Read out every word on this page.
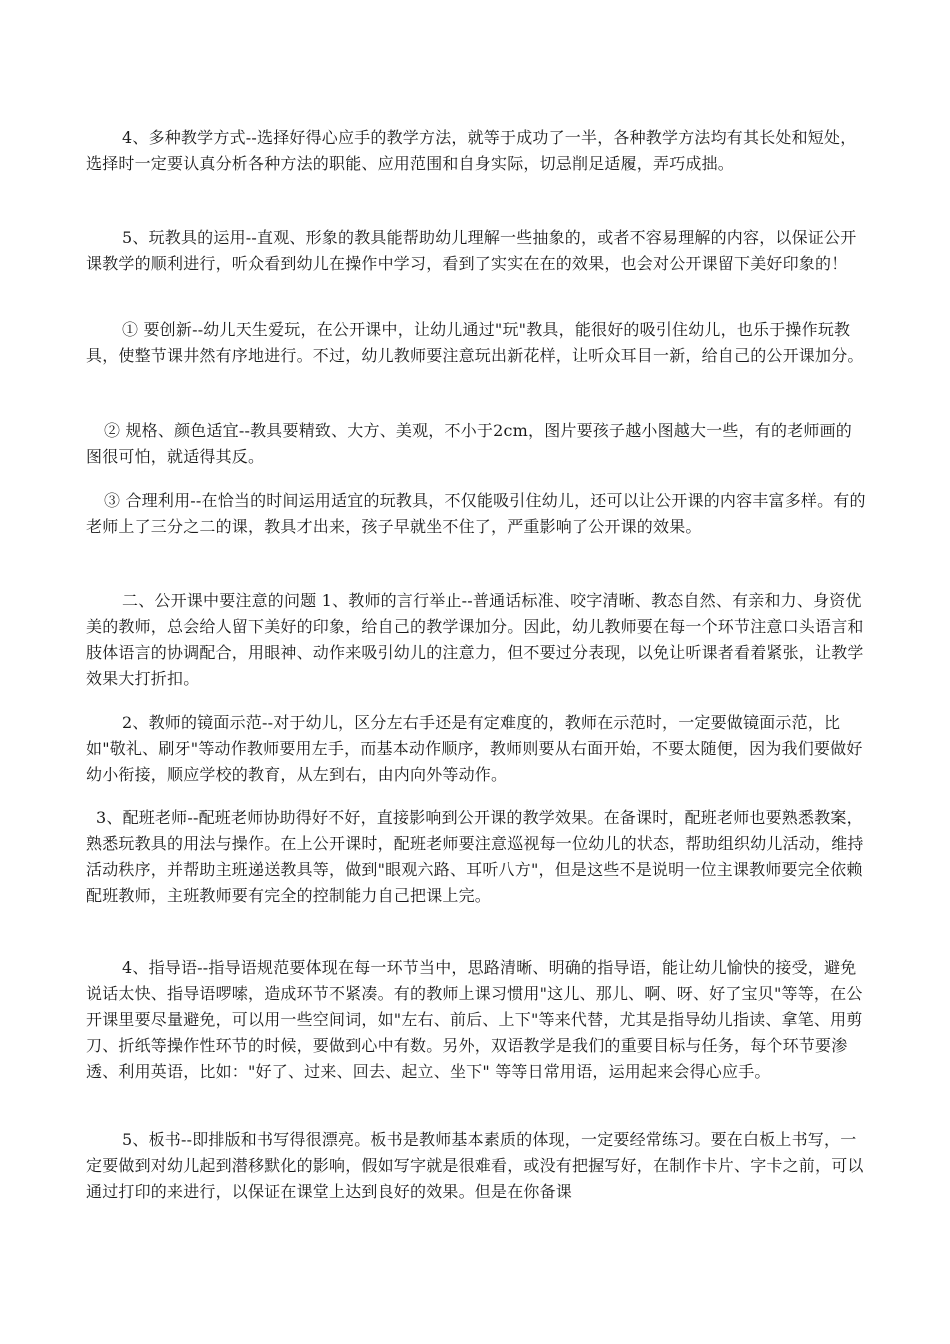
4、多种教学方式--选择好得心应手的教学方法，就等于成功了一半，各种教学方法均有其长处和短处，选择时一定要认真分析各种方法的职能、应用范围和自身实际，切忌削足适履，弄巧成拙。

5、玩教具的运用--直观、形象的教具能帮助幼儿理解一些抽象的，或者不容易理解的内容，以保证公开课教学的顺利进行，听众看到幼儿在操作中学习，看到了实实在在的效果，也会对公开课留下美好印象的！

① 要创新--幼儿天生爱玩，在公开课中，让幼儿通过"玩"教具，能很好的吸引住幼儿，也乐于操作玩教具，使整节课井然有序地进行。不过，幼儿教师要注意玩出新花样，让听众耳目一新，给自己的公开课加分。

② 规格、颜色适宜--教具要精致、大方、美观，不小于2cm，图片要孩子越小图越大一些，有的老师画的图很可怕，就适得其反。

③ 合理利用--在恰当的时间运用适宜的玩教具，不仅能吸引住幼儿，还可以让公开课的内容丰富多样。有的老师上了三分之二的课，教具才出来，孩子早就坐不住了，严重影响了公开课的效果。

二、公开课中要注意的问题 1、教师的言行举止--普通话标准、咬字清晰、教态自然、有亲和力、身资优美的教师，总会给人留下美好的印象，给自己的教学课加分。因此，幼儿教师要在每一个环节注意口头语言和肢体语言的协调配合，用眼神、动作来吸引幼儿的注意力，但不要过分表现，以免让听课者看着紧张，让教学效果大打折扣。

2、教师的镜面示范--对于幼儿，区分左右手还是有定难度的，教师在示范时，一定要做镜面示范，比如"敬礼、刷牙"等动作教师要用左手，而基本动作顺序，教师则要从右面开始，不要太随便，因为我们要做好幼小衔接，顺应学校的教育，从左到右，由内向外等动作。

3、配班老师--配班老师协助得好不好，直接影响到公开课的教学效果。在备课时，配班老师也要熟悉教案，熟悉玩教具的用法与操作。在上公开课时，配班老师要注意巡视每一位幼儿的状态，帮助组织幼儿活动，维持活动秩序，并帮助主班递送教具等，做到"眼观六路、耳听八方"，但是这些不是说明一位主课教师要完全依赖配班教师，主班教师要有完全的控制能力自己把课上完。

4、指导语--指导语规范要体现在每一环节当中，思路清晰、明确的指导语，能让幼儿愉快的接受，避免说话太快、指导语啰嗦，造成环节不紧凑。有的教师上课习惯用"这儿、那儿、啊、呀、好了宝贝"等等，在公开课里要尽量避免，可以用一些空间词，如"左右、前后、上下"等来代替，尤其是指导幼儿指读、拿笔、用剪刀、折纸等操作性环节的时候，要做到心中有数。另外，双语教学是我们的重要目标与任务，每个环节要渗透、利用英语，比如："好了、过来、回去、起立、坐下" 等等日常用语，运用起来会得心应手。

5、板书--即排版和书写得很漂亮。板书是教师基本素质的体现，一定要经常练习。要在白板上书写，一定要做到对幼儿起到潜移默化的影响，假如写字就是很难看，或没有把握写好，在制作卡片、字卡之前，可以通过打印的来进行，以保证在课堂上达到良好的效果。但是在你备课
